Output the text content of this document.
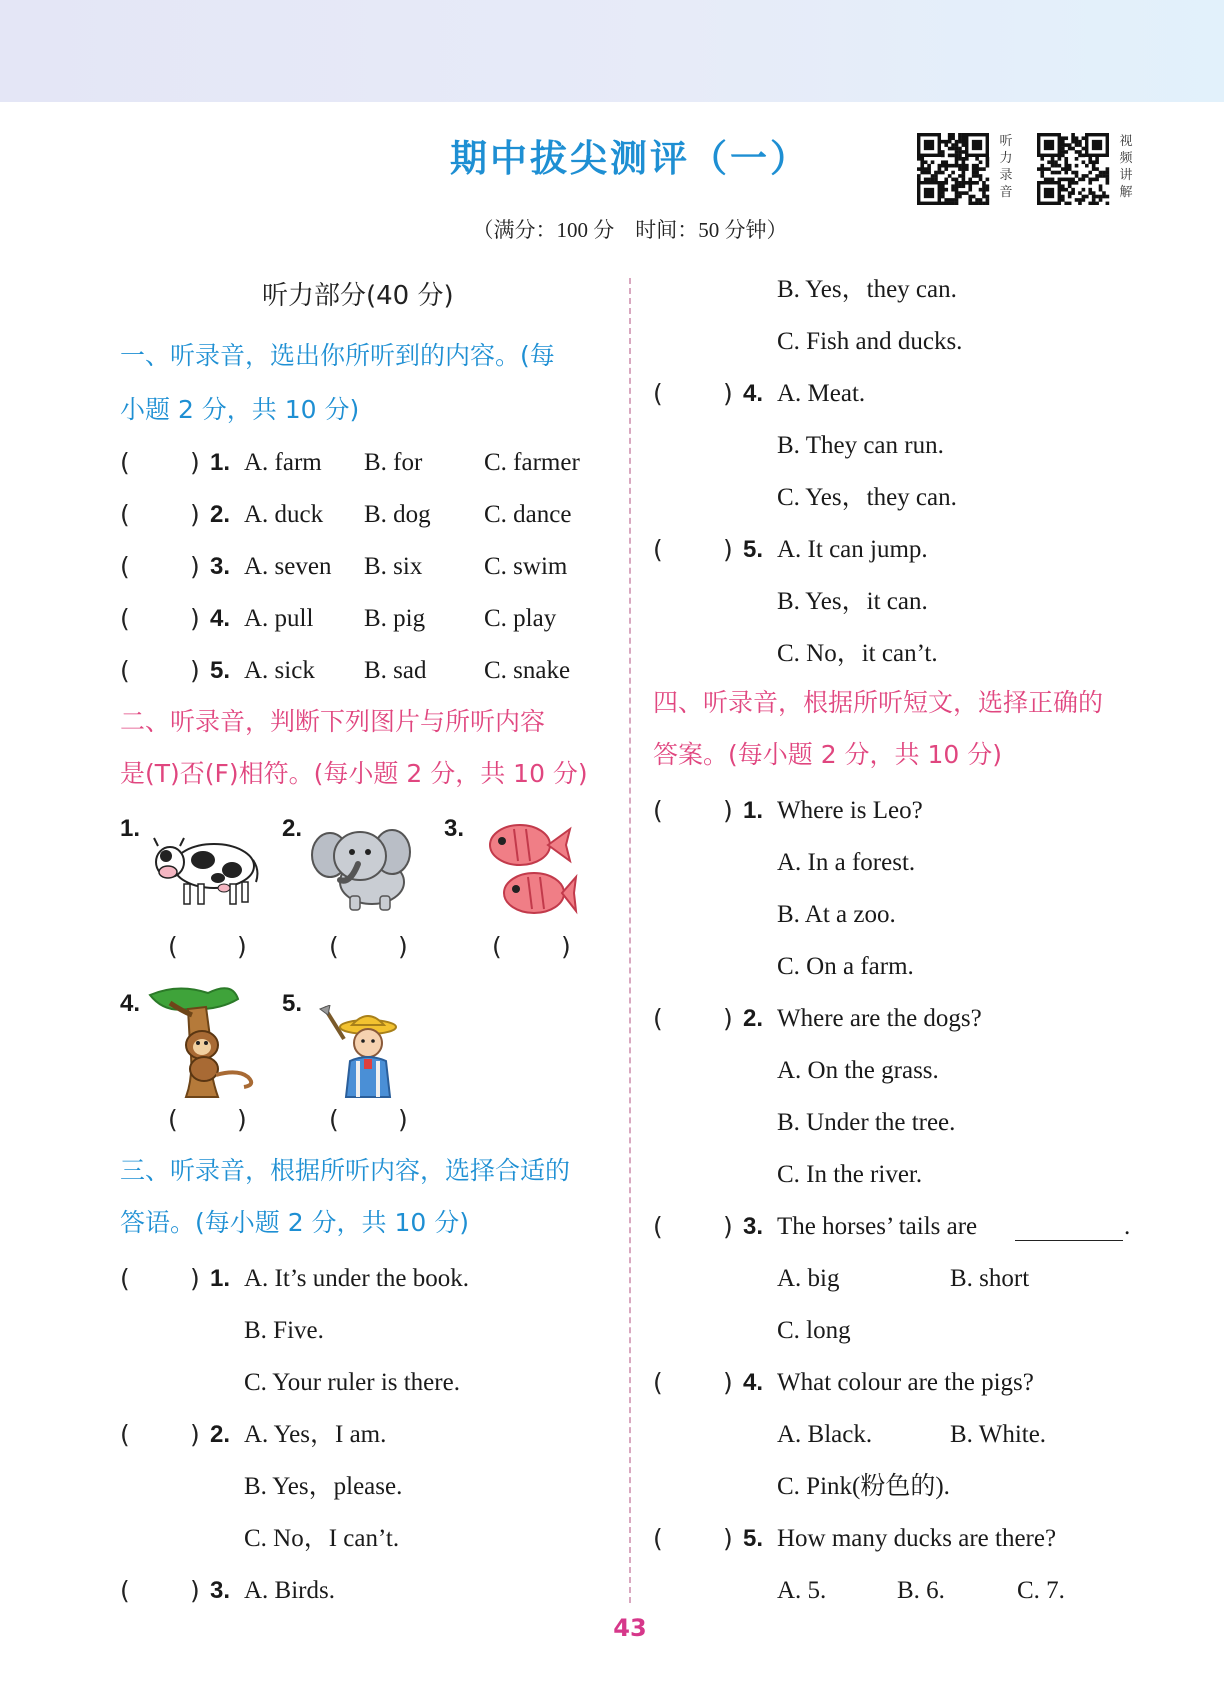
期中拔尖测评（一）
（满分：100 分　时间：50 分钟）
听力录音
视频讲解
听力部分(40 分)
一、听录音，选出你所听到的内容。(每
小题 2 分，共 10 分)
( ) 1. A. farm B. for C. farmer
( ) 2. A. duck B. dog C. dance
( ) 3. A. seven B. six C. swim
( ) 4. A. pull B. pig C. play
( ) 5. A. sick B. sad C. snake
二、听录音，判断下列图片与所听内容
是(T)否(F)相符。(每小题 2 分，共 10 分)
1.	2.	3.
( )	( )	( )
4.	5.
( )	( )
三、听录音，根据所听内容，选择合适的
答语。(每小题 2 分，共 10 分)
( ) 1. A. It’s under the book.
B. Five.
C. Your ruler is there.
( ) 2. A. Yes，I am.
B. Yes，please.
C. No，I can’t.
( ) 3. A. Birds.
B. Yes，they can.
C. Fish and ducks.
( ) 4. A. Meat.
B. They can run.
C. Yes，they can.
( ) 5. A. It can jump.
B. Yes，it can.
C. No，it can’t.
( ) 1. Where is Leo?
A. In a forest.
B. At a zoo.
C. On a farm.
( ) 2. Where are the dogs?
A. On the grass.
B. Under the tree.
C. In the river.
( ) 3. The horses’ tails are	.
A. big	B. short
C. long
( ) 4. What colour are the pigs?
A. Black.	B. White.
C. Pink(粉色的).
( ) 5. How many ducks are there?
A. 5.	B. 6.	C. 7.
四、听录音，根据所听短文，选择正确的
答案。(每小题 2 分，共 10 分)
43
